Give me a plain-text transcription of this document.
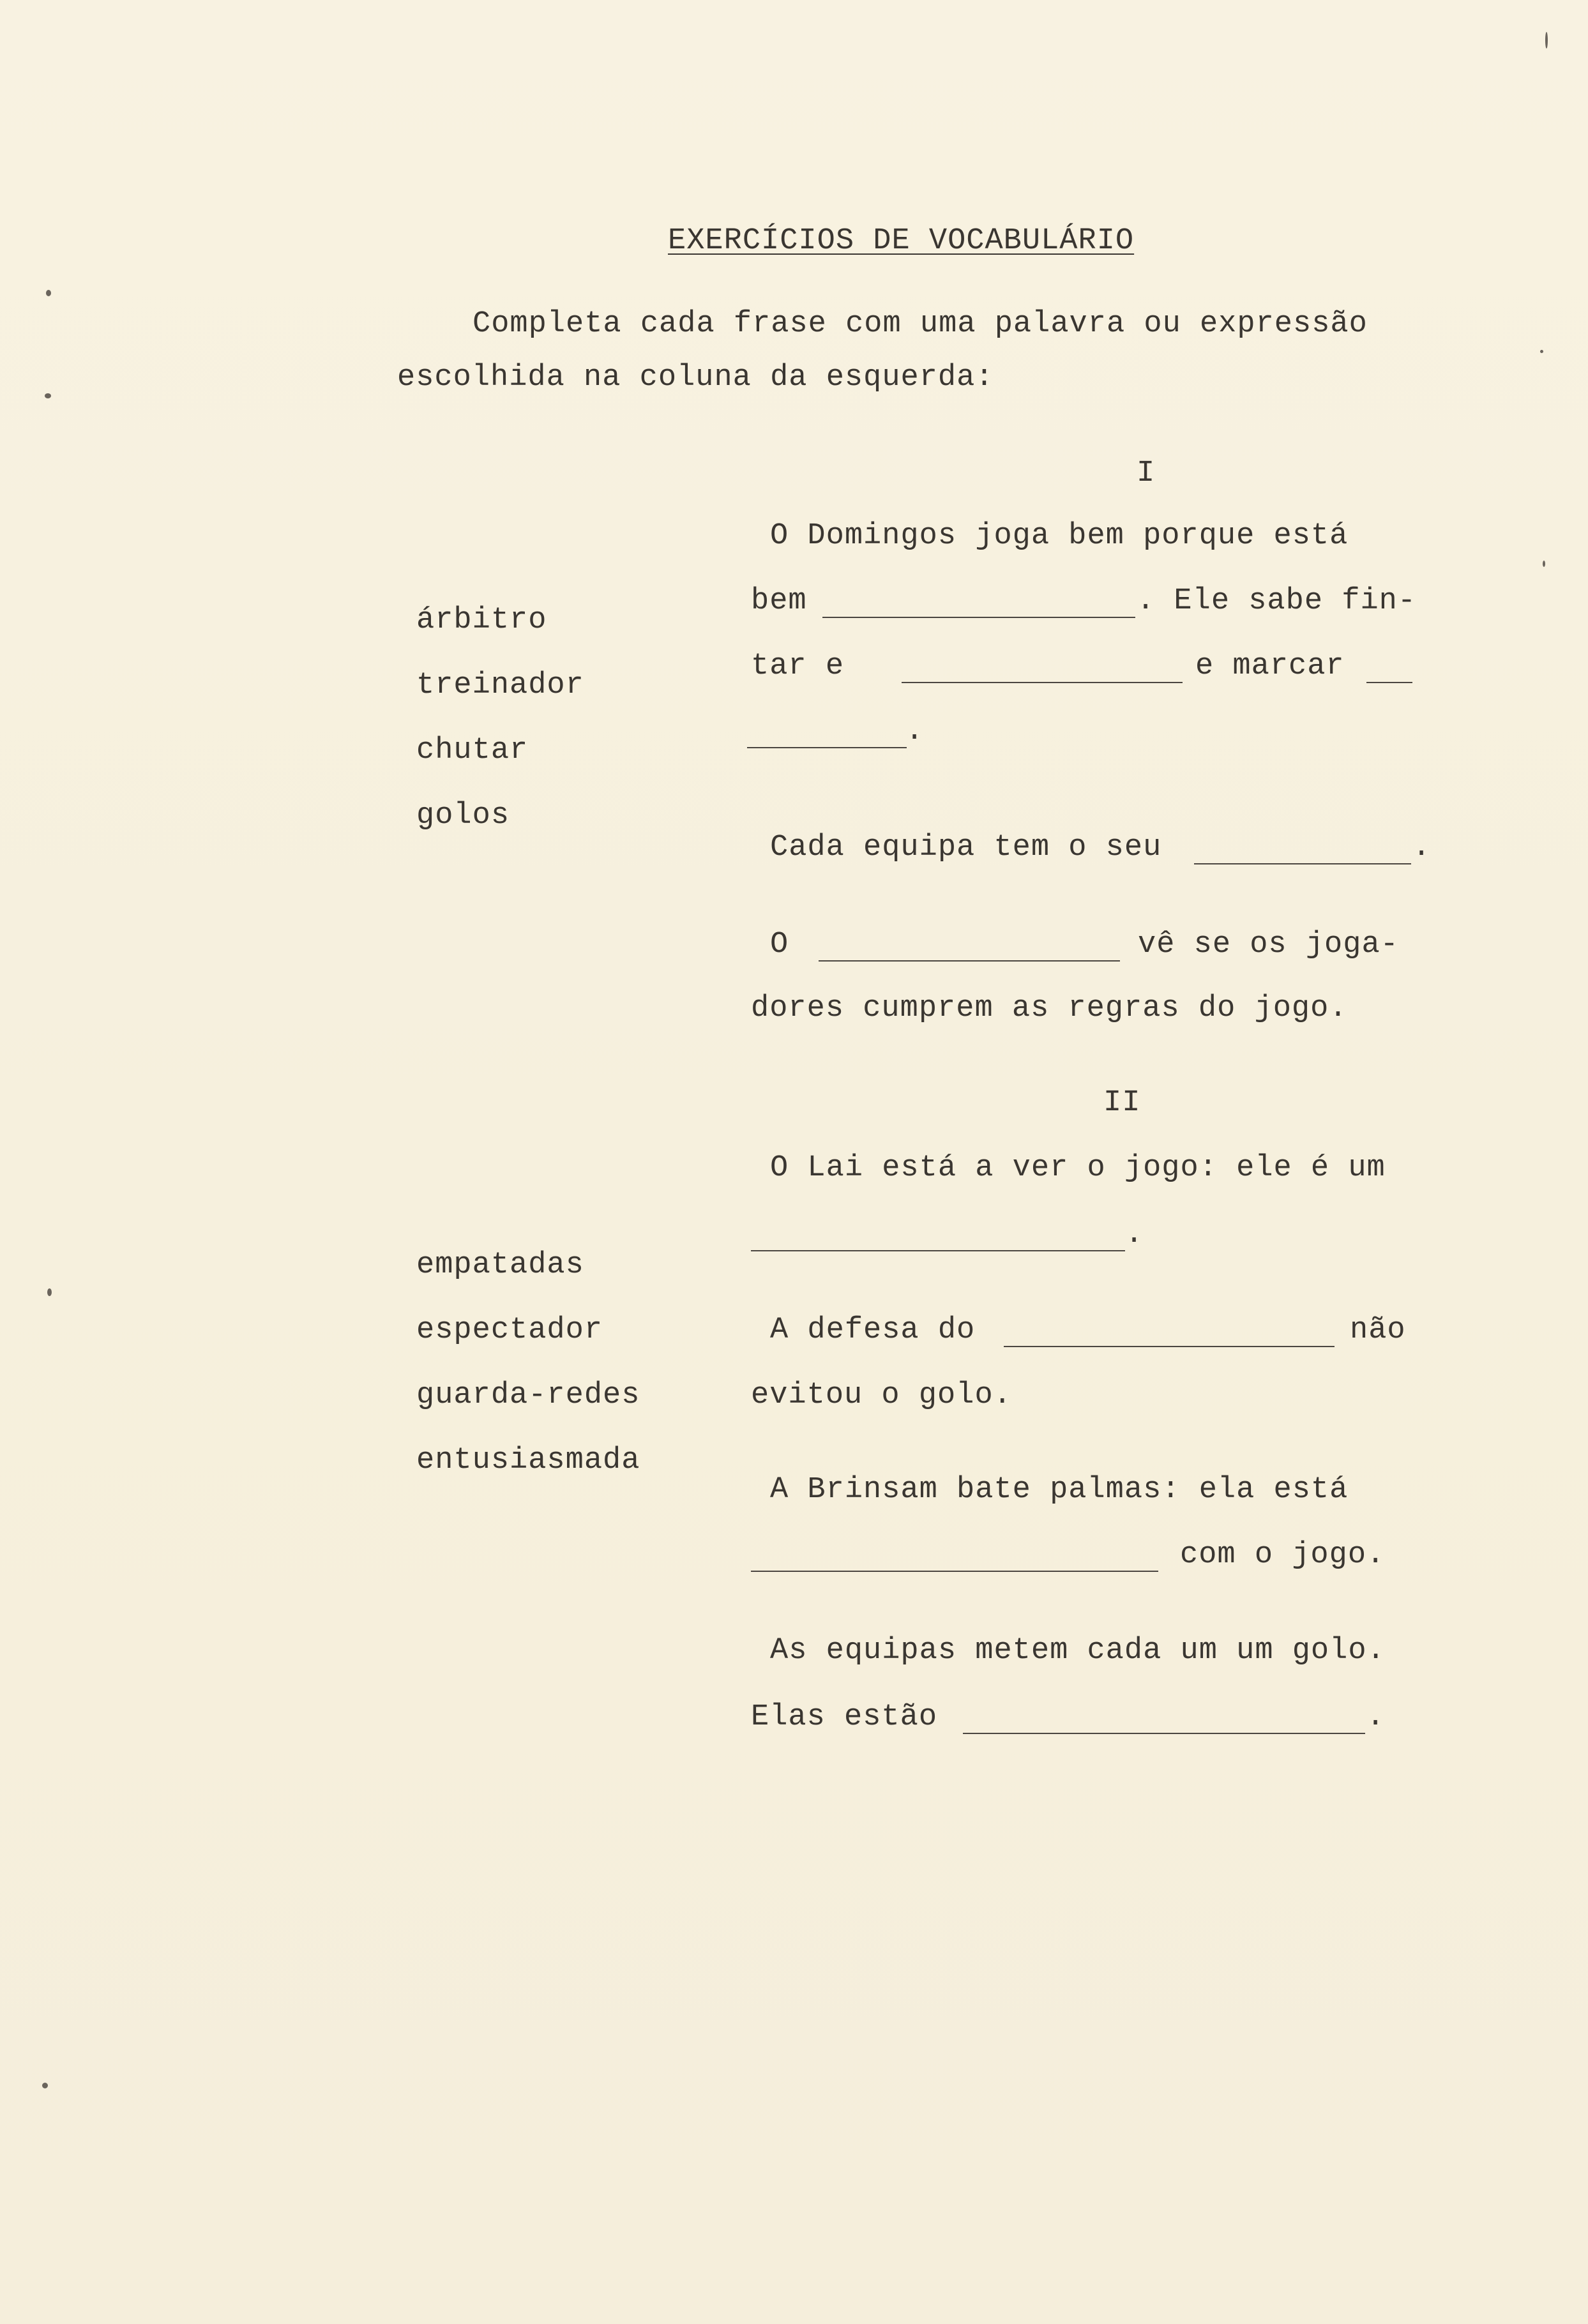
EXERCÍCIOS DE VOCABULÁRIO
Completa cada frase com uma palavra ou expressão
escolhida na coluna da esquerda:
I
árbitro
treinador
chutar
golos
O Domingos joga bem porque está
bem	. Ele sabe fin-
tar e	e marcar
.
Cada equipa tem o seu	.
O	vê se os joga-
dores cumprem as regras do jogo.
II
empatadas
espectador
guarda-redes
entusiasmada
O Lai está a ver o jogo: ele é um
.
A defesa do	não
evitou o golo.
A Brinsam bate palmas: ela está
com o jogo.
As equipas metem cada um um golo.
Elas estão	.
